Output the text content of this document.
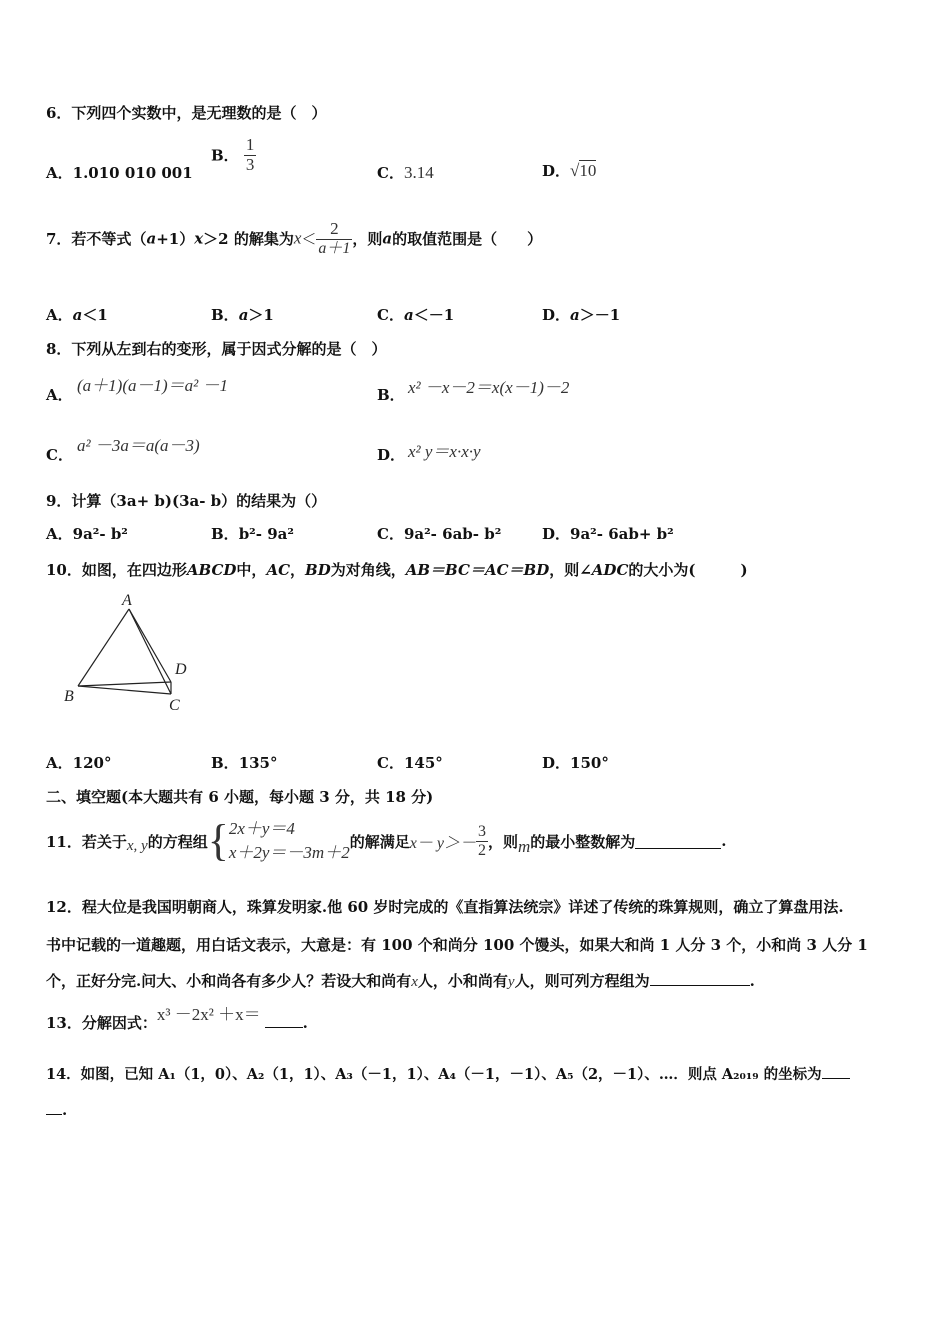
6．下列四个实数中，是无理数的是（　）
A．1.010 010 001
B． $\frac{1}{3}$	C．3.14	D．√10
7．若不等式（a+1）x＞2 的解集为$x< \frac{2}{a+1}$ ，则a的取值范围是（　　）
A．a＜1	B．a＞1	C．a＜－1	D．a＞－1
8．下列从左到右的变形，属于因式分解的是（　）
A． (a＋1)(a－1)＝a² －1	B． x² －x－2＝x(x－1)－2
C． a² －3a＝a(a－3)	D． x² y＝x·x·y
9．计算（3a+ b)(3a- b）的结果为（）
A．9a²- b²	B．b²- 9a²	C．9a²- 6ab- b²	D．9a²- 6ab+ b²
10．如图，在四边形ABCD中，AC，BD为对角线，AB＝BC＝AC＝BD，则∠ADC的大小为(　　　)
A
B
C
D
A．120°	B．135°	C．145°	D．150°
二、填空题(本大题共有 6 小题，每小题 3 分，共 18 分)
11．若关于 x, y 的方程组 { 2x＋y＝4
x＋2y＝－3m＋2
的解满足 $x- y>- \frac{3}{2}$ ，则 m 的最小整数解为	.
12．程大位是我国明朝商人，珠算发明家.他 60 岁时完成的《直指算法统宗》详述了传统的珠算规则，确立了算盘用法.
书中记载的一道趣题，用白话文表示，大意是：有 100 个和尚分 100 个馒头，如果大和尚 1 人分 3 个，小和尚 3 人分 1
个，正好分完.问大、小和尚各有多少人？若设大和尚有x人，小和尚有y人，则可列方程组为	.
13．分解因式：x³ －2x² ＋x＝	.
14．如图，已知 A₁（1，0）、A₂（1，1）、A₃（－1，1）、A₄（－1，－1）、A₅（2，－1）、…．则点 A₂₀₁₉ 的坐标为
.
